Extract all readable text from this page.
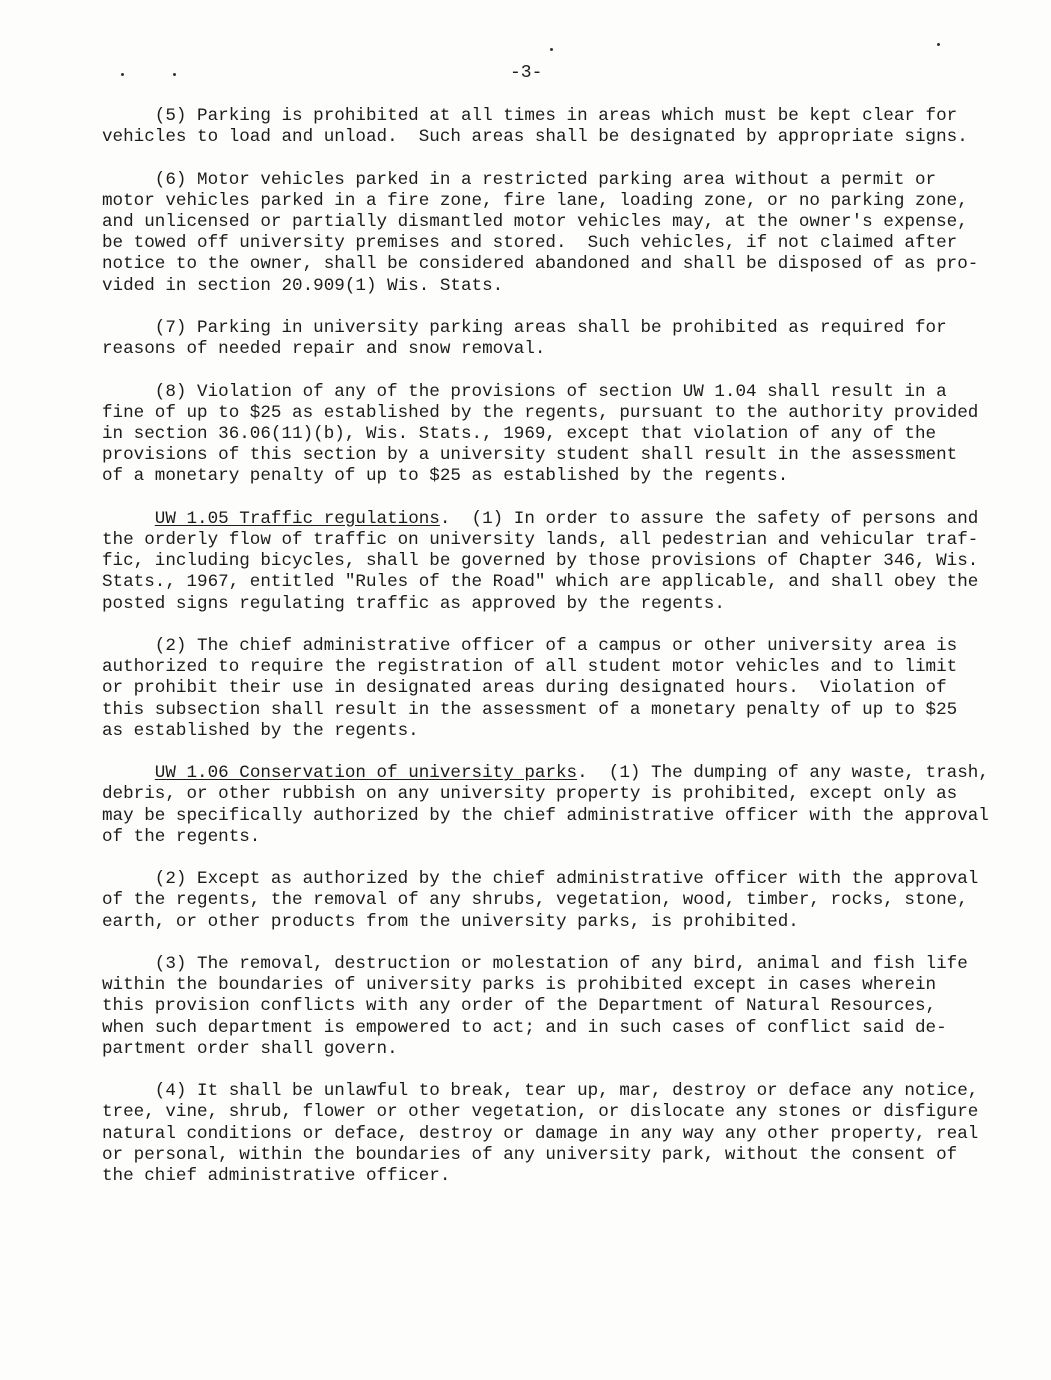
-3-
(5) Parking is prohibited at all times in areas which must be kept clear for
vehicles to load and unload.  Such areas shall be designated by appropriate signs.
(6) Motor vehicles parked in a restricted parking area without a permit or
motor vehicles parked in a fire zone, fire lane, loading zone, or no parking zone,
and unlicensed or partially dismantled motor vehicles may, at the owner's expense,
be towed off university premises and stored.  Such vehicles, if not claimed after
notice to the owner, shall be considered abandoned and shall be disposed of as pro-
vided in section 20.909(1) Wis. Stats.
(7) Parking in university parking areas shall be prohibited as required for
reasons of needed repair and snow removal.
(8) Violation of any of the provisions of section UW 1.04 shall result in a
fine of up to $25 as established by the regents, pursuant to the authority provided
in section 36.06(11)(b), Wis. Stats., 1969, except that violation of any of the
provisions of this section by a university student shall result in the assessment
of a monetary penalty of up to $25 as established by the regents.
UW 1.05 Traffic regulations.  (1) In order to assure the safety of persons and
the orderly flow of traffic on university lands, all pedestrian and vehicular traf-
fic, including bicycles, shall be governed by those provisions of Chapter 346, Wis.
Stats., 1967, entitled "Rules of the Road" which are applicable, and shall obey the
posted signs regulating traffic as approved by the regents.
(2) The chief administrative officer of a campus or other university area is
authorized to require the registration of all student motor vehicles and to limit
or prohibit their use in designated areas during designated hours.  Violation of
this subsection shall result in the assessment of a monetary penalty of up to $25
as established by the regents.
UW 1.06 Conservation of university parks.  (1) The dumping of any waste, trash,
debris, or other rubbish on any university property is prohibited, except only as
may be specifically authorized by the chief administrative officer with the approval
of the regents.
(2) Except as authorized by the chief administrative officer with the approval
of the regents, the removal of any shrubs, vegetation, wood, timber, rocks, stone,
earth, or other products from the university parks, is prohibited.
(3) The removal, destruction or molestation of any bird, animal and fish life
within the boundaries of university parks is prohibited except in cases wherein
this provision conflicts with any order of the Department of Natural Resources,
when such department is empowered to act; and in such cases of conflict said de-
partment order shall govern.
(4) It shall be unlawful to break, tear up, mar, destroy or deface any notice,
tree, vine, shrub, flower or other vegetation, or dislocate any stones or disfigure
natural conditions or deface, destroy or damage in any way any other property, real
or personal, within the boundaries of any university park, without the consent of
the chief administrative officer.
